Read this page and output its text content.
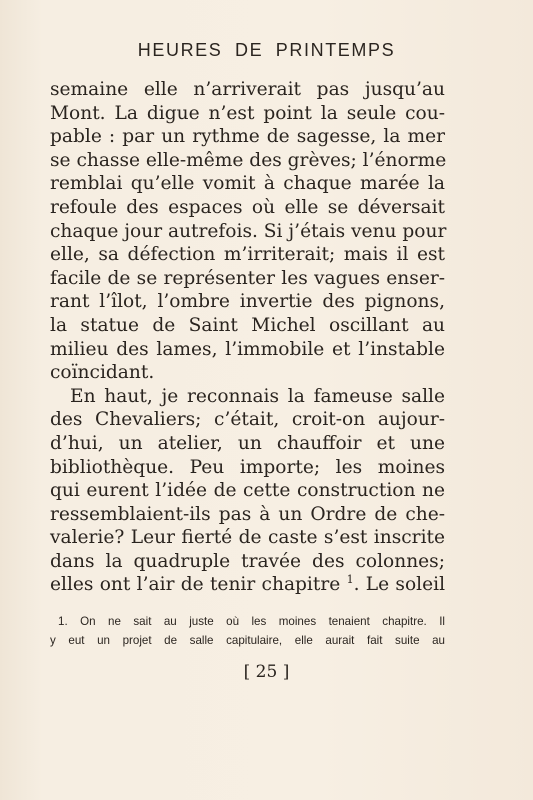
HEURES DE PRINTEMPS
semaine elle n’arriverait pas jusqu’au
Mont. La digue n’est point la seule cou-
pable : par un rythme de sagesse, la mer
se chasse elle-même des grèves; l’énorme
remblai qu’elle vomit à chaque marée la
refoule des espaces où elle se déversait
chaque jour autrefois. Si j’étais venu pour
elle, sa défection m’irriterait; mais il est
facile de se représenter les vagues enser-
rant l’îlot, l’ombre invertie des pignons,
la statue de Saint Michel oscillant au
milieu des lames, l’immobile et l’instable
coïncidant.
En haut, je reconnais la fameuse salle
des Chevaliers; c’était, croit-on aujour-
d’hui, un atelier, un chauffoir et une
bibliothèque. Peu importe; les moines
qui eurent l’idée de cette construction ne
ressemblaient-ils pas à un Ordre de che-
valerie? Leur fierté de caste s’est inscrite
dans la quadruple travée des colonnes;
elles ont l’air de tenir chapitre $^1$. Le soleil
1. On ne sait au juste où les moines tenaient chapitre. Il
y eut un projet de salle capitulaire, elle aurait fait suite au
[ 25 ]
